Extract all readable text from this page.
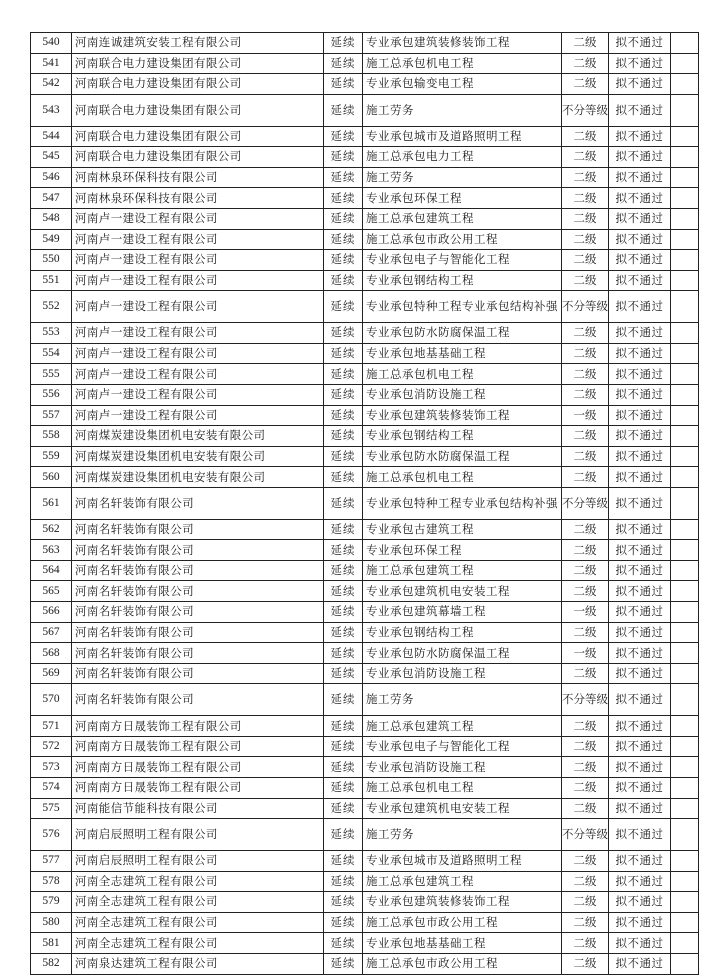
540	河南连诚建筑安装工程有限公司	延续	专业承包建筑装修装饰工程	二级	拟不通过	
541	河南联合电力建设集团有限公司	延续	施工总承包机电工程	二级	拟不通过	
542	河南联合电力建设集团有限公司	延续	专业承包输变电工程	二级	拟不通过	
543	河南联合电力建设集团有限公司	延续	施工劳务	不分等级	拟不通过	
544	河南联合电力建设集团有限公司	延续	专业承包城市及道路照明工程	二级	拟不通过	
545	河南联合电力建设集团有限公司	延续	施工总承包电力工程	二级	拟不通过	
546	河南林泉环保科技有限公司	延续	施工劳务	二级	拟不通过	
547	河南林泉环保科技有限公司	延续	专业承包环保工程	二级	拟不通过	
548	河南卢一建设工程有限公司	延续	施工总承包建筑工程	二级	拟不通过	
549	河南卢一建设工程有限公司	延续	施工总承包市政公用工程	二级	拟不通过	
550	河南卢一建设工程有限公司	延续	专业承包电子与智能化工程	二级	拟不通过	
551	河南卢一建设工程有限公司	延续	专业承包钢结构工程	二级	拟不通过	
552	河南卢一建设工程有限公司	延续	专业承包特种工程专业承包结构补强	不分等级	拟不通过	
553	河南卢一建设工程有限公司	延续	专业承包防水防腐保温工程	二级	拟不通过	
554	河南卢一建设工程有限公司	延续	专业承包地基基础工程	二级	拟不通过	
555	河南卢一建设工程有限公司	延续	施工总承包机电工程	二级	拟不通过	
556	河南卢一建设工程有限公司	延续	专业承包消防设施工程	二级	拟不通过	
557	河南卢一建设工程有限公司	延续	专业承包建筑装修装饰工程	一级	拟不通过	
558	河南煤炭建设集团机电安装有限公司	延续	专业承包钢结构工程	二级	拟不通过	
559	河南煤炭建设集团机电安装有限公司	延续	专业承包防水防腐保温工程	二级	拟不通过	
560	河南煤炭建设集团机电安装有限公司	延续	施工总承包机电工程	二级	拟不通过	
561	河南名轩装饰有限公司	延续	专业承包特种工程专业承包结构补强	不分等级	拟不通过	
562	河南名轩装饰有限公司	延续	专业承包古建筑工程	二级	拟不通过	
563	河南名轩装饰有限公司	延续	专业承包环保工程	二级	拟不通过	
564	河南名轩装饰有限公司	延续	施工总承包建筑工程	二级	拟不通过	
565	河南名轩装饰有限公司	延续	专业承包建筑机电安装工程	二级	拟不通过	
566	河南名轩装饰有限公司	延续	专业承包建筑幕墙工程	一级	拟不通过	
567	河南名轩装饰有限公司	延续	专业承包钢结构工程	二级	拟不通过	
568	河南名轩装饰有限公司	延续	专业承包防水防腐保温工程	一级	拟不通过	
569	河南名轩装饰有限公司	延续	专业承包消防设施工程	二级	拟不通过	
570	河南名轩装饰有限公司	延续	施工劳务	不分等级	拟不通过	
571	河南南方日晟装饰工程有限公司	延续	施工总承包建筑工程	二级	拟不通过	
572	河南南方日晟装饰工程有限公司	延续	专业承包电子与智能化工程	二级	拟不通过	
573	河南南方日晟装饰工程有限公司	延续	专业承包消防设施工程	二级	拟不通过	
574	河南南方日晟装饰工程有限公司	延续	施工总承包机电工程	二级	拟不通过	
575	河南能信节能科技有限公司	延续	专业承包建筑机电安装工程	二级	拟不通过	
576	河南启辰照明工程有限公司	延续	施工劳务	不分等级	拟不通过	
577	河南启辰照明工程有限公司	延续	专业承包城市及道路照明工程	二级	拟不通过	
578	河南全志建筑工程有限公司	延续	施工总承包建筑工程	二级	拟不通过	
579	河南全志建筑工程有限公司	延续	专业承包建筑装修装饰工程	二级	拟不通过	
580	河南全志建筑工程有限公司	延续	施工总承包市政公用工程	二级	拟不通过	
581	河南全志建筑工程有限公司	延续	专业承包地基基础工程	二级	拟不通过	
582	河南泉达建筑工程有限公司	延续	施工总承包市政公用工程	二级	拟不通过	
